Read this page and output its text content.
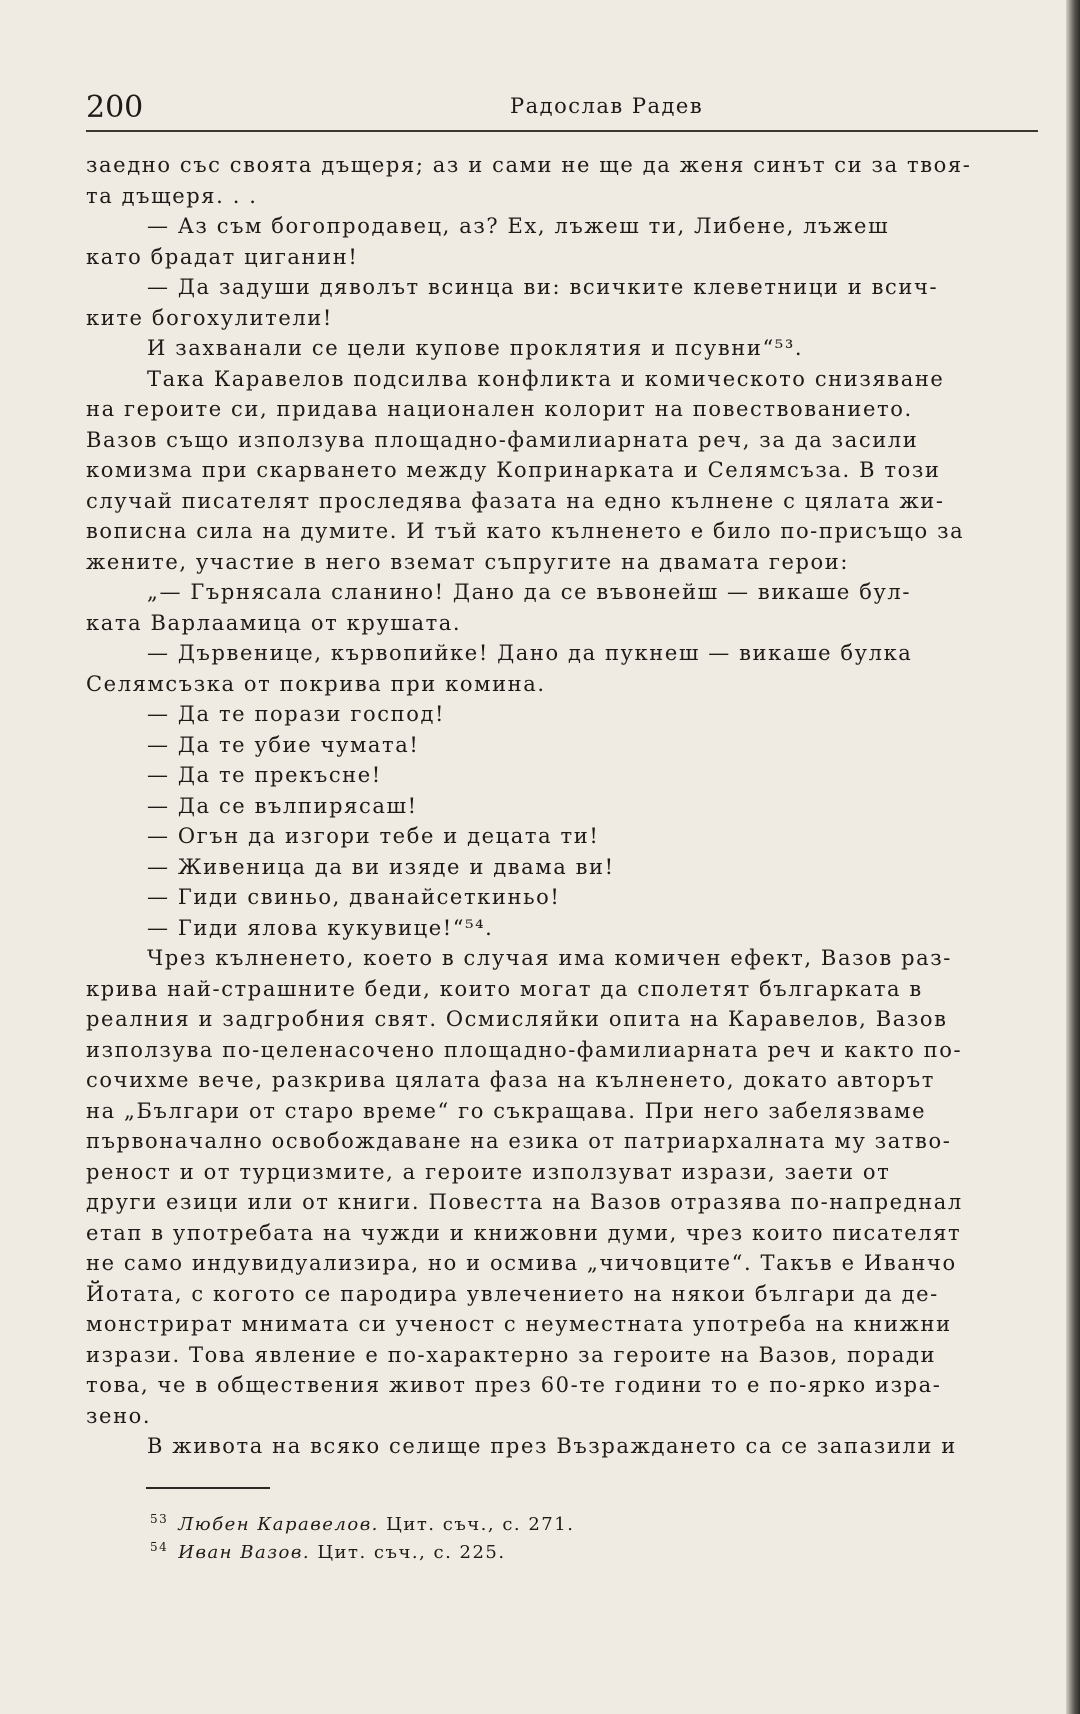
200	Радослав Радев
заедно със своята дъщеря; аз и сами не ще да женя синът си за твоя-
та дъщеря. . .
— Аз съм богопродавец, аз? Ех, лъжеш ти, Либене, лъжеш
като брадат циганин!
— Да задуши дяволът всинца ви: всичките клеветници и всич-
ките богохулители!
И захванали се цели купове проклятия и псувни“⁵³.
Така Каравелов подсилва конфликта и комическото снизяване
на героите си, придава национален колорит на повествованието.
Вазов също използува площадно-фамилиарната реч, за да засили
комизма при скарването между Копринарката и Селямсъза. В този
случай писателят проследява фазата на едно кълнене с цялата жи-
вописна сила на думите. И тъй като кълненето е било по-присъщо за
жените, участие в него вземат съпругите на двамата герои:
„— Гърнясала сланино! Дано да се въвонейш — викаше бул-
ката Варлаамица от крушата.
— Дървенице, кървопийке! Дано да пукнеш — викаше булка
Селямсъзка от покрива при комина.
— Да те порази господ!
— Да те убие чумата!
— Да те прекъсне!
— Да се вълпирясаш!
— Огън да изгори тебе и децата ти!
— Живеница да ви изяде и двама ви!
— Гиди свиньо, дванайсеткиньо!
— Гиди ялова кукувице!“⁵⁴.
Чрез кълненето, което в случая има комичен ефект, Вазов раз-
крива най-страшните беди, които могат да сполетят българката в
реалния и задгробния свят. Осмисляйки опита на Каравелов, Вазов
използува по-целенасочено площадно-фамилиарната реч и както по-
сочихме вече, разкрива цялата фаза на кълненето, докато авторът
на „Българи от старо време“ го съкращава. При него забелязваме
първоначално освобождаване на езика от патриархалната му затво-
реност и от турцизмите, а героите използуват изрази, заети от
други езици или от книги. Повестта на Вазов отразява по-напреднал
етап в употребата на чужди и книжовни думи, чрез които писателят
не само индувидуализира, но и осмива „чичовците“. Такъв е Иванчо
Йотата, с когото се пародира увлечението на някои българи да де-
монстрират мнимата си ученост с неуместната употреба на книжни
изрази. Това явление е по-характерно за героите на Вазов, поради
това, че в обществения живот през 60-те години то е по-ярко изра-
зено.
В живота на всяко селище през Възраждането са се запазили и
$^{53}$ Любен Каравелов. Цит. съч., с. 271.
$^{54}$ Иван Вазов. Цит. съч., с. 225.
